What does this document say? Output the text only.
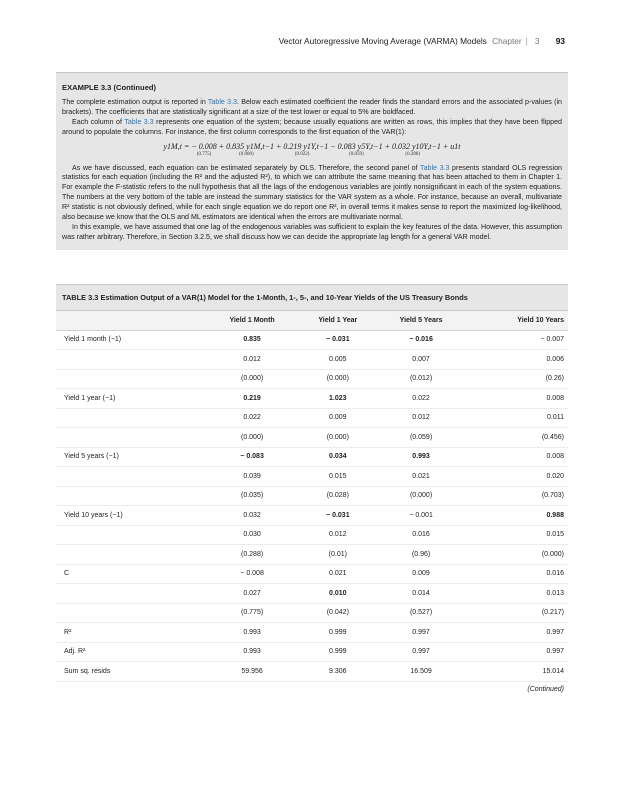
Vector Autoregressive Moving Average (VARMA) Models Chapter | 3 93
EXAMPLE 3.3 (Continued)

The complete estimation output is reported in Table 3.3. Below each estimated coefficient the reader finds the standard errors and the associated p-values (in brackets). The coefficients that are statistically significant at a size of the test lower or equal to 5% are boldfaced.

Each column of Table 3.3 represents one equation of the system; because usually equations are written as rows, this implies that they have been flipped around to populate the columns. For instance, the first column corresponds to the first equation of the VAR(1):

y1M,t = − 0.008
(0.775)
+ 0.835 y1M,t−1
(0.000)
+ 0.219 y1Y,t−1
(0.022)
− 0.083 y5Y,t−1
(0.059)
+ 0.032 y10Y,t−1
(0.288)
+ u1t

As we have discussed, each equation can be estimated separately by OLS. Therefore, the second panel of Table 3.3 presents standard OLS regression statistics for each equation (including the R² and the adjusted R²), to which we can attribute the same meaning that has been attached to them in Chapter 1. For example the F-statistic refers to the null hypothesis that all the lags of the endogenous variables are jointly nonsignificant in each of the system equations. The numbers at the very bottom of the table are instead the summary statistics for the VAR system as a whole. For instance, because an overall, multivariate R² statistic is not obviously defined, while for each single equation we do report one R², in overall terms it makes sense to report the maximized log-likelihood, also because we know that the OLS and ML estimators are identical when the errors are multivariate normal.

In this example, we have assumed that one lag of the endogenous variables was sufficient to explain the key features of the data. However, this assumption was rather arbitrary. Therefore, in Section 3.2.5, we shall discuss how we can decide the appropriate lag length for a general VAR model.

TABLE 3.3 Estimation Output of a VAR(1) Model for the 1-Month, 1-, 5-, and 10-Year Yields of the US Treasury Bonds
	Yield 1 Month	Yield 1 Year	Yield 5 Years	Yield 10 Years
Yield 1 month (−1)	0.835	− 0.031	− 0.016	− 0.007
	0.012	0.005	0.007	0.006
	(0.000)	(0.000)	(0.012)	(0.26)
Yield 1 year (−1)	0.219	1.023	0.022	0.008
	0.022	0.009	0.012	0.011
	(0.000)	(0.000)	(0.059)	(0.456)
Yield 5 years (−1)	− 0.083	0.034	0.993	0.008
	0.039	0.015	0.021	0.020
	(0.035)	(0.028)	(0.000)	(0.703)
Yield 10 years (−1)	0.032	− 0.031	− 0.001	0.988
	0.030	0.012	0.016	0.015
	(0.288)	(0.01)	(0.96)	(0.000)
C	− 0.008	0.021	0.009	0.016
	0.027	0.010	0.014	0.013
	(0.775)	(0.042)	(0.527)	(0.217)
R²	0.993	0.999	0.997	0.997
Adj. R²	0.993	0.999	0.997	0.997
Sum sq. resids	59.956	9.306	16.509	15.014
(Continued)
